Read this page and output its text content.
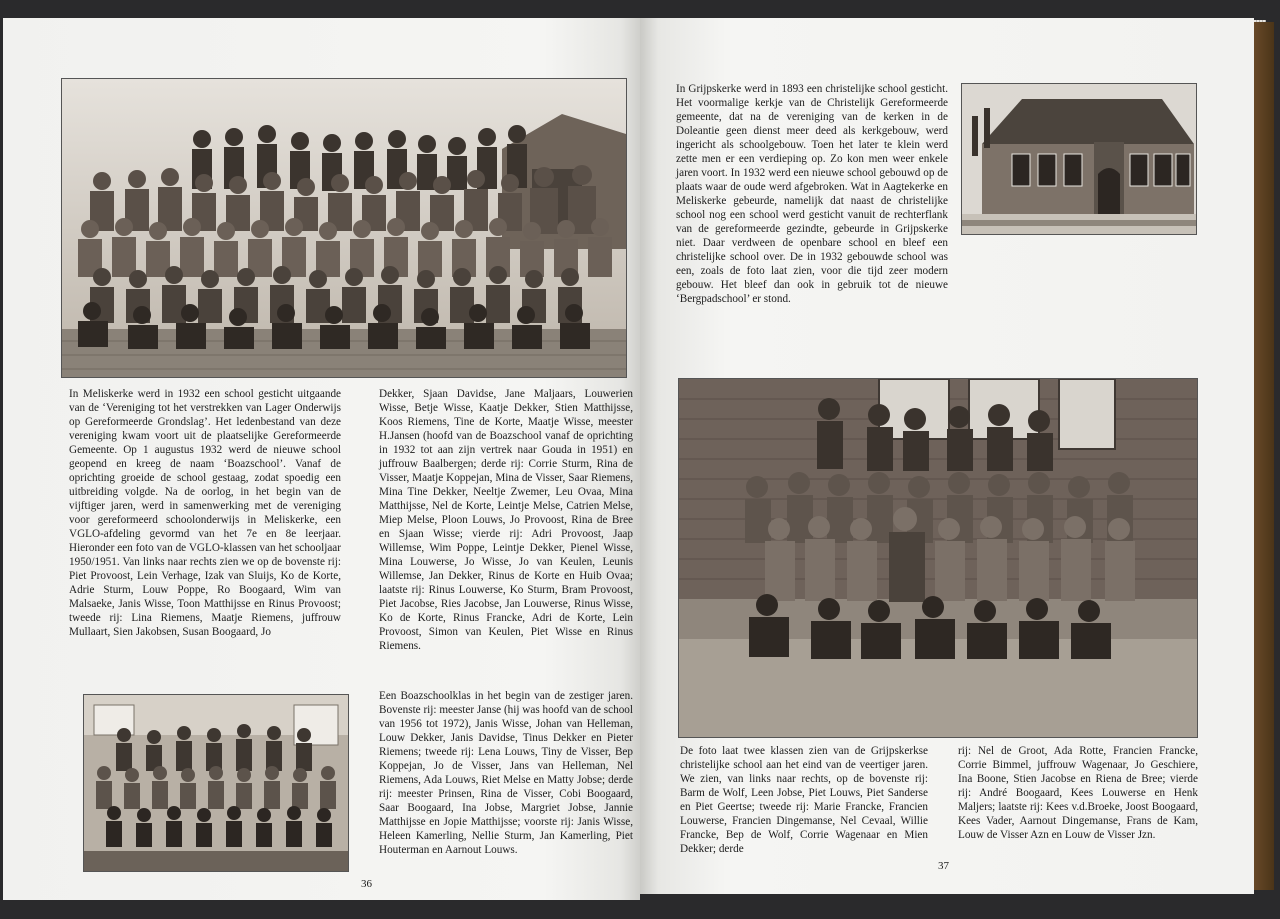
In Meliskerke werd in 1932 een school gesticht uitgaande van de ‘Vereniging tot het verstrekken van Lager Onderwijs op Gereformeerde Grondslag’. Het ledenbestand van deze vereniging kwam voort uit de plaatselijke Gereformeerde Gemeente. Op 1 augustus 1932 werd de nieuwe school geopend en kreeg de naam ‘Boazschool’. Vanaf de oprichting groeide de school gestaag, zodat spoedig een uitbreiding volgde. Na de oorlog, in het begin van de vijftiger jaren, werd in samenwerking met de vereniging voor gereformeerd schoolonderwijs in Meliskerke, een VGLO-afdeling gevormd van het 7e en 8e leerjaar. Hieronder een foto van de VGLO-klassen van het schooljaar 1950/1951. Van links naar rechts zien we op de bovenste rij: Piet Provoost, Lein Verhage, Izak van Sluijs, Ko de Korte, Adrie Sturm, Louw Poppe, Ro Boogaard, Wim van Malsaeke, Janis Wisse, Toon Matthijsse en Rinus Provoost; tweede rij: Lina Riemens, Maatje Riemens, juffrouw Mullaart, Sien Jakobsen, Susan Boogaard, Jo

Dekker, Sjaan Davidse, Jane Maljaars, Louwerien Wisse, Betje Wisse, Kaatje Dekker, Stien Matthijsse, Koos Riemens, Tine de Korte, Maatje Wisse, meester H.Jansen (hoofd van de Boazschool vanaf de oprichting in 1932 tot aan zijn vertrek naar Gouda in 1951) en juffrouw Baalbergen; derde rij: Corrie Sturm, Rina de Visser, Maatje Koppejan, Mina de Visser, Saar Riemens, Mina Tine Dekker, Neeltje Zwemer, Leu Ovaa, Mina Matthijsse, Nel de Korte, Leintje Melse, Catrien Melse, Miep Melse, Ploon Louws, Jo Provoost, Rina de Bree en Sjaan Wisse; vierde rij: Adri Provoost, Jaap Willemse, Wim Poppe, Leintje Dekker, Pienel Wisse, Mina Louwerse, Jo Wisse, Jo van Keulen, Leunis Willemse, Jan Dekker, Rinus de Korte en Huib Ovaa; laatste rij: Rinus Louwerse, Ko Sturm, Bram Provoost, Piet Jacobse, Ries Jacobse, Jan Louwerse, Rinus Wisse, Ko de Korte, Rinus Francke, Adri de Korte, Lein Provoost, Simon van Keulen, Piet Wisse en Rinus Riemens.

Een Boazschoolklas in het begin van de zestiger jaren. Bovenste rij: meester Janse (hij was hoofd van de school van 1956 tot 1972), Janis Wisse, Johan van Helleman, Louw Dekker, Janis Davidse, Tinus Dekker en Pieter Riemens; tweede rij: Lena Louws, Tiny de Visser, Bep Koppejan, Jo de Visser, Jans van Helleman, Nel Riemens, Ada Louws, Riet Melse en Matty Jobse; derde rij: meester Prinsen, Rina de Visser, Cobi Boogaard, Saar Boogaard, Ina Jobse, Margriet Jobse, Jannie Matthijsse en Jopie Matthijsse; voorste rij: Janis Wisse, Heleen Kamerling, Nellie Sturm, Jan Kamerling, Piet Houterman en Aarnout Louws.

36

In Grijpskerke werd in 1893 een christelijke school gesticht. Het voormalige kerkje van de Christelijk Gereformeerde gemeente, dat na de vereniging van de kerken in de Doleantie geen dienst meer deed als kerkgebouw, werd ingericht als schoolgebouw. Toen het later te klein werd zette men er een verdieping op. Zo kon men weer enkele jaren voort. In 1932 werd een nieuwe school gebouwd op de plaats waar de oude werd afgebroken. Wat in Aagtekerke en Meliskerke gebeurde, namelijk dat naast de christelijke school nog een school werd gesticht vanuit de rechterflank van de gereformeerde gezindte, gebeurde in Grijpskerke niet. Daar verdween de openbare school en bleef een christelijke school over. De in 1932 gebouwde school was een, zoals de foto laat zien, voor die tijd zeer modern gebouw. Het bleef dan ook in gebruik tot de nieuwe ‘Bergpadschool’ er stond.

De foto laat twee klassen zien van de Grijpskerkse christelijke school aan het eind van de veertiger jaren. We zien, van links naar rechts, op de bovenste rij: Barm de Wolf, Leen Jobse, Piet Louws, Piet Sanderse en Piet Geertse; tweede rij: Marie Francke, Francien Louwerse, Francien Dingemanse, Nel Cevaal, Willie Francke, Bep de Wolf, Corrie Wagenaar en Mien Dekker; derde

rij: Nel de Groot, Ada Rotte, Francien Francke, Corrie Bimmel, juffrouw Wagenaar, Jo Geschiere, Ina Boone, Stien Jacobse en Riena de Bree; vierde rij: André Boogaard, Kees Louwerse en Henk Maljers; laatste rij: Kees v.d.Broeke, Joost Boogaard, Kees Vader, Aarnout Dingemanse, Frans de Kam, Louw de Visser Azn en Louw de Visser Jzn.

37
